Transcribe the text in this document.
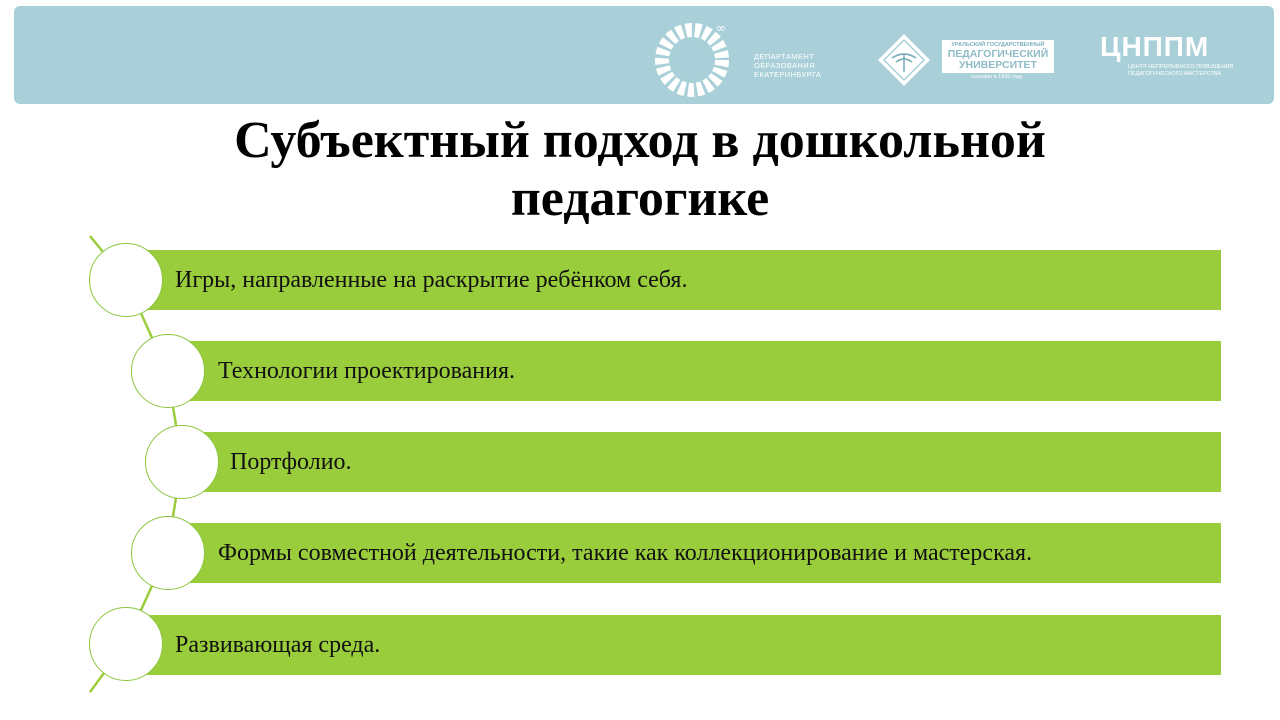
∞
ДЕПАРТАМЕНТ
ОБРАЗОВАНИЯ
ЕКАТЕРИНБУРГА
УРАЛЬСКИЙ ГОСУДАРСТВЕННЫЙ
ПЕДАГОГИЧЕСКИЙ
УНИВЕРСИТЕТ
основан в 1930 году
ЦНППМ
ЦЕНТР НЕПРЕРЫВНОГО ПОВЫШЕНИЯ
ПЕДАГОГИЧЕСКОГО МАСТЕРСТВА
Субъектный подход в дошкольной
педагогике
Игры, направленные на раскрытие ребёнком себя.
Технологии проектирования.
Портфолио.
Формы совместной деятельности, такие как коллекционирование и мастерская.
Развивающая среда.
